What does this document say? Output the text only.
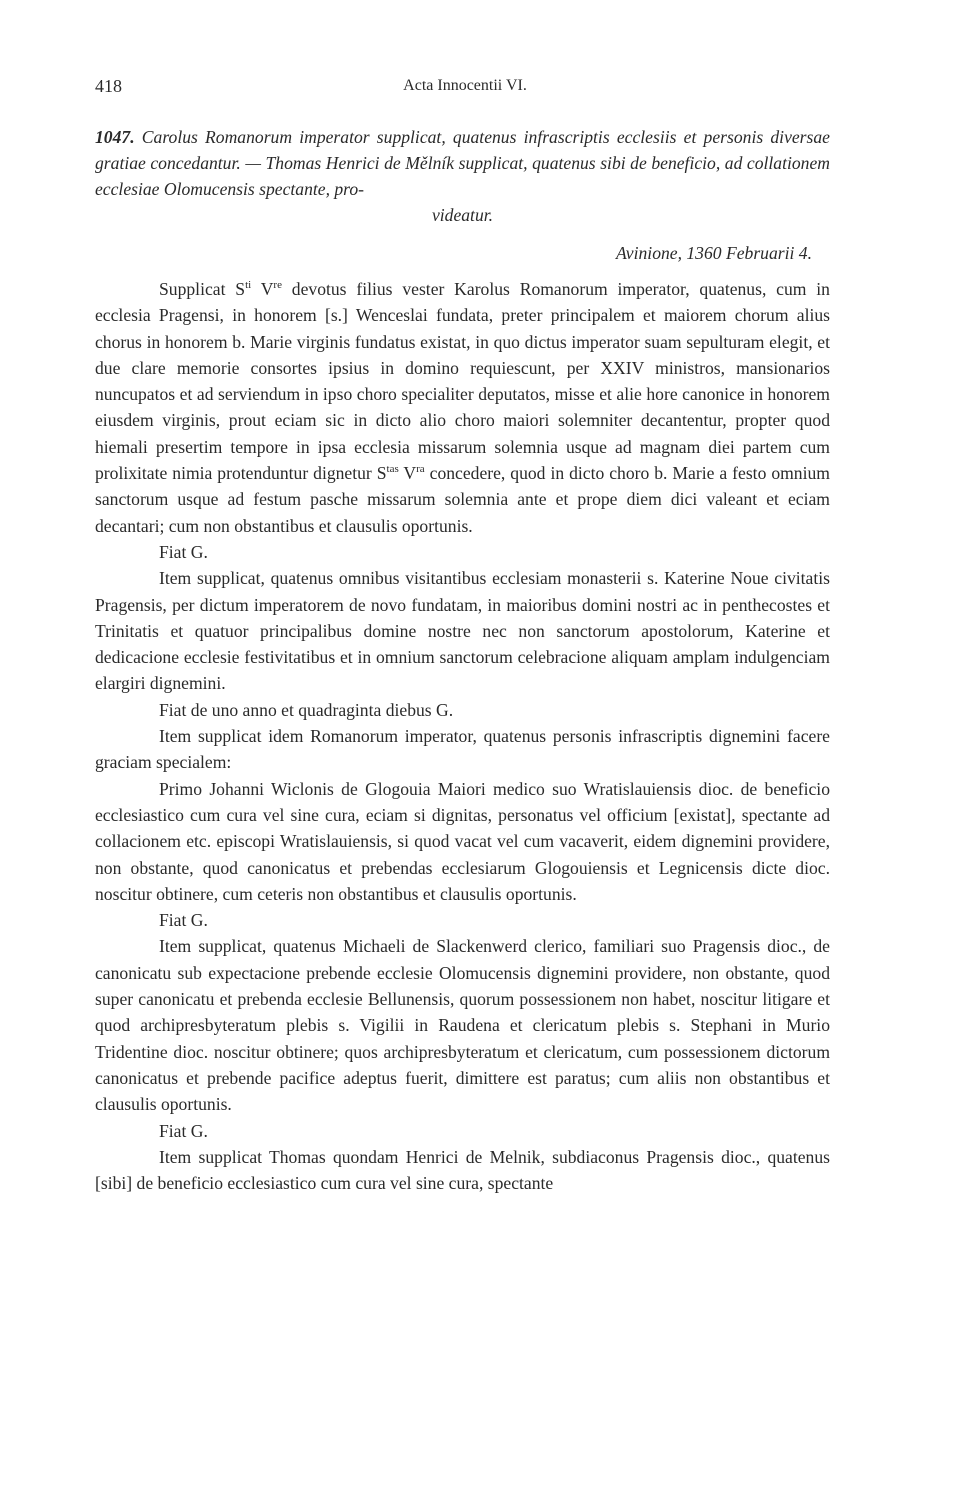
418	Acta Innocentii VI.

1047. Carolus Romanorum imperator supplicat, quatenus infrascriptis ecclesiis et personis diversae gratiae concedantur. — Thomas Henrici de Mělník supplicat, quatenus sibi de beneficio, ad collationem ecclesiae Olomucensis spectante, pro-

videatur.

Avinione, 1360 Februarii 4.

Supplicat $S^{ti}$ Vre devotus filius vester Karolus Romanorum imperator, quatenus, cum in ecclesia Pragensi, in honorem [s.] Wenceslai fundata, preter principalem et maiorem chorum alius chorus in honorem b. Marie virginis fundatus existat, in quo dictus imperator suam sepulturam elegit, et due clare memorie consortes ipsius in domino requiescunt, per XXIV ministros, mansionarios nuncupatos et ad serviendum in ipso choro specialiter deputatos, misse et alie hore canonice in honorem eiusdem virginis, prout eciam sic in dicto alio choro maiori solemniter decantentur, propter quod hiemali presertim tempore in ipsa ecclesia missarum solemnia usque ad magnam diei partem cum prolixitate nimia protenduntur dignetur $S^{tas}$ $V^{ra}$ concedere, quod in dicto choro b. Marie a festo omnium sanctorum usque ad festum pasche missarum solemnia ante et prope diem dici valeant et eciam decantari; cum non obstantibus et clausulis oportunis.

Fiat G.

Item supplicat, quatenus omnibus visitantibus ecclesiam monasterii s. Katerine Noue civitatis Pragensis, per dictum imperatorem de novo fundatam, in maioribus domini nostri ac in penthecostes et Trinitatis et quatuor principalibus domine nostre nec non sanctorum apostolorum, Katerine et dedicacione ecclesie festivitatibus et in omnium sanctorum celebracione aliquam amplam indulgenciam elargiri dignemini.

Fiat de uno anno et quadraginta diebus G.

Item supplicat idem Romanorum imperator, quatenus personis infrascriptis dignemini facere graciam specialem:

Primo Johanni Wiclonis de Glogouia Maiori medico suo Wratislauiensis dioc. de beneficio ecclesiastico cum cura vel sine cura, eciam si dignitas, personatus vel officium [existat], spectante ad collacionem etc. episcopi Wratislauiensis, si quod vacat vel cum vacaverit, eidem dignemini providere, non obstante, quod canonicatus et prebendas ecclesiarum Glogouiensis et Legnicensis dicte dioc. noscitur obtinere, cum ceteris non obstantibus et clausulis oportunis.

Fiat G.

Item supplicat, quatenus Michaeli de Slackenwerd clerico, familiari suo Pragensis dioc., de canonicatu sub expectacione prebende ecclesie Olomucensis dignemini providere, non obstante, quod super canonicatu et prebenda ecclesie Bellunensis, quorum possessionem non habet, noscitur litigare et quod archipresbyteratum plebis s. Vigilii in Raudena et clericatum plebis s. Stephani in Murio Tridentine dioc. noscitur obtinere; quos archipresbyteratum et clericatum, cum possessionem dictorum canonicatus et prebende pacifice adeptus fuerit, dimittere est paratus; cum aliis non obstantibus et clausulis oportunis.

Fiat G.

Item supplicat Thomas quondam Henrici de Melnik, subdiaconus Pragensis dioc., quatenus [sibi] de beneficio ecclesiastico cum cura vel sine cura, spectante
